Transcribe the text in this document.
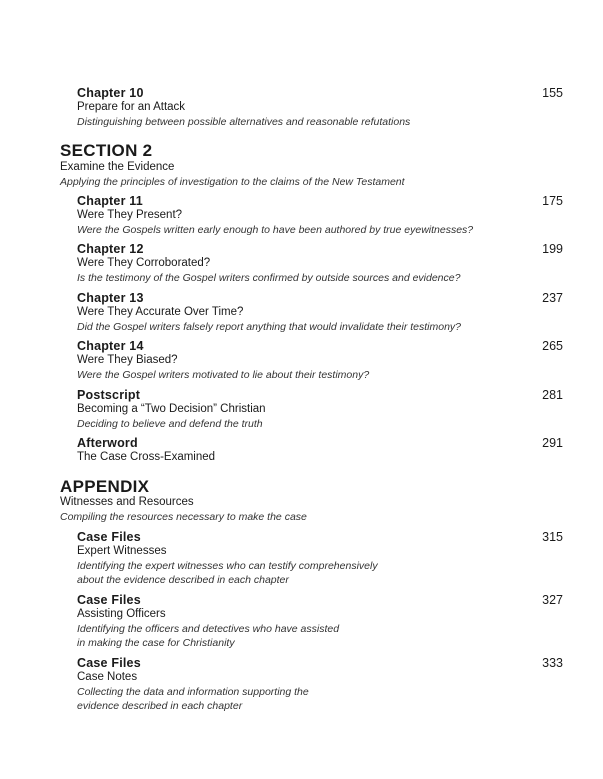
Chapter 10	155
Prepare for an Attack
Distinguishing between possible alternatives and reasonable refutations
SECTION 2
Examine the Evidence
Applying the principles of investigation to the claims of the New Testament
Chapter 11	175
Were They Present?
Were the Gospels written early enough to have been authored by true eyewitnesses?
Chapter 12	199
Were They Corroborated?
Is the testimony of the Gospel writers confirmed by outside sources and evidence?
Chapter 13	237
Were They Accurate Over Time?
Did the Gospel writers falsely report anything that would invalidate their testimony?
Chapter 14	265
Were They Biased?
Were the Gospel writers motivated to lie about their testimony?
Postscript	281
Becoming a “Two Decision” Christian
Deciding to believe and defend the truth
Afterword	291
The Case Cross-Examined
APPENDIX
Witnesses and Resources
Compiling the resources necessary to make the case
Case Files	315
Expert Witnesses
Identifying the expert witnesses who can testify comprehensively
about the evidence described in each chapter
Case Files	327
Assisting Officers
Identifying the officers and detectives who have assisted
in making the case for Christianity
Case Files	333
Case Notes
Collecting the data and information supporting the
evidence described in each chapter
